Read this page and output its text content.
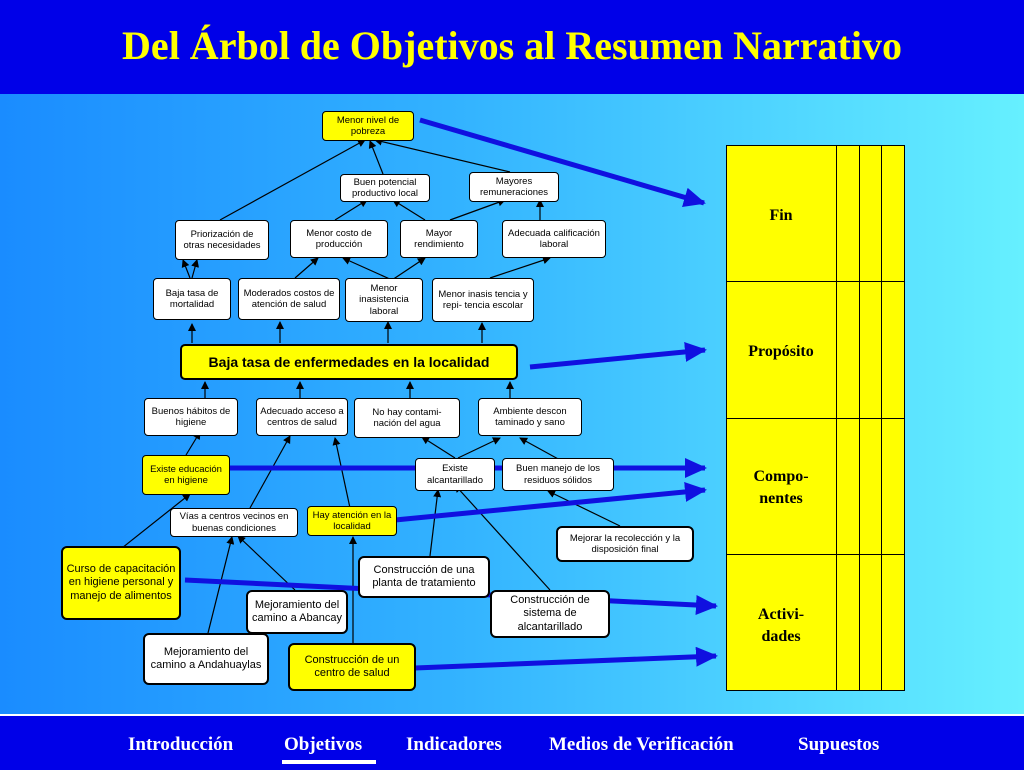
Del Árbol de Objetivos al Resumen Narrativo
Menor nivel de pobreza
Buen potencial productivo local
Mayores remuneraciones
Priorización de otras necesidades
Menor costo de producción
Mayor rendimiento
Adecuada calificación laboral
Baja tasa de mortalidad
Moderados costos de atención de salud
Menor inasistencia laboral
Menor inasis tencia y repi- tencia escolar
Baja tasa de enfermedades en la localidad
Buenos hábitos de higiene
Adecuado acceso a centros de salud
No hay contami- nación del agua
Ambiente descon taminado y sano
Existe educación en higiene
Existe alcantarillado
Buen manejo de los residuos sólidos
Vías a centros vecinos en buenas condiciones
Hay atención en la localidad
Mejorar la recolección y la disposición final
Curso de capacitación en higiene personal y manejo de alimentos
Construcción de una planta de tratamiento
Mejoramiento del camino a Abancay
Construcción de sistema de alcantarillado
Mejoramiento del camino a Andahuaylas	Construcción de un centro de salud
Fin
Propósito
Compo- nentes
Activi- dades
Introducción	Objetivos Indicadores Medios de Verificación	Supuestos
